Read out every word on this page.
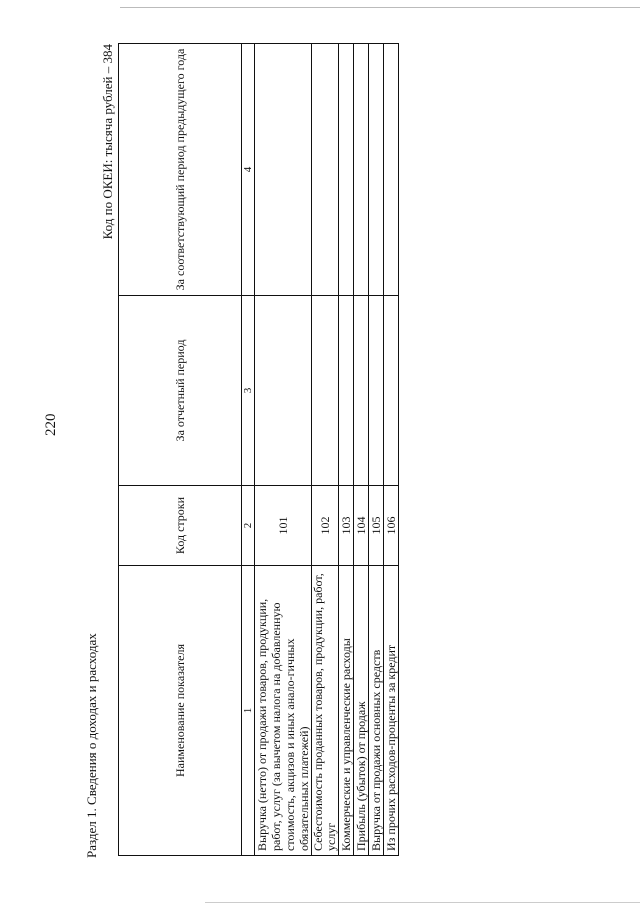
220
Раздел 1. Сведения о доходах и расходах
Код по ОКЕИ: тысяча рублей – 384
Наименование показателя	Код строки	За отчетный период	За соответствующий период предыдущего года
1	2	3	4
Выручка (нетто) от продажи товаров, продукции, работ, услуг (за вычетом налога на добавленную стоимость, акцизов и иных анало-гичных обязательных платежей)	101		
Себестоимость проданных товаров, продукции, работ, услуг	102		
Коммерческие и управленческие расходы	103		
Прибыль (убыток) от продаж	104		
Выручка от продажи основных средств	105		
Из прочих расходов-проценты за кредит	106		
